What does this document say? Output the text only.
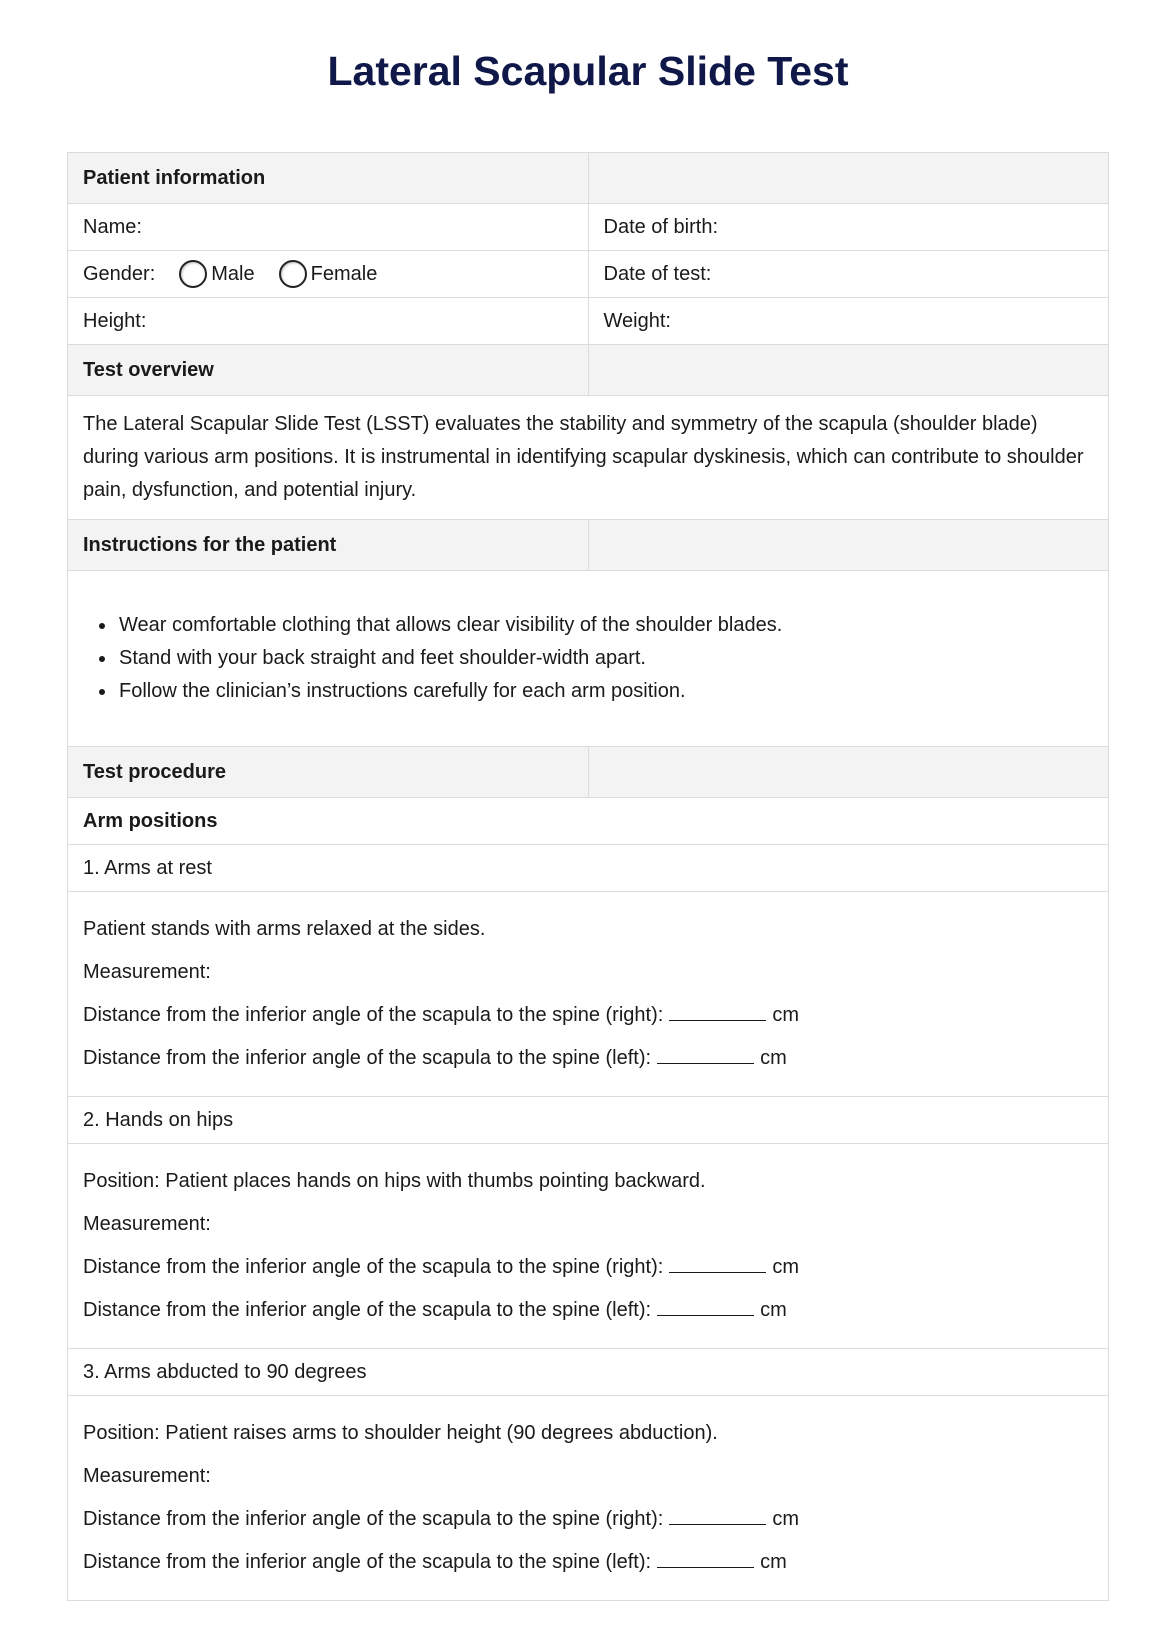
Lateral Scapular Slide Test
Patient information
Name:	Date of birth:
Gender:	Male	Female	Date of test:
Height:	Weight:
Test overview
The Lateral Scapular Slide Test (LSST) evaluates the stability and symmetry of the scapula (shoulder blade) during various arm positions. It is instrumental in identifying scapular dyskinesis, which can contribute to shoulder pain, dysfunction, and potential injury.
Instructions for the patient
• Wear comfortable clothing that allows clear visibility of the shoulder blades.
• Stand with your back straight and feet shoulder-width apart.
• Follow the clinician’s instructions carefully for each arm position.
Test procedure
Arm positions
1. Arms at rest

Patient stands with arms relaxed at the sides.

Measurement:

Distance from the inferior angle of the scapula to the spine (right):	cm

Distance from the inferior angle of the scapula to the spine (left):	cm

2. Hands on hips

Position: Patient places hands on hips with thumbs pointing backward.

Measurement:

Distance from the inferior angle of the scapula to the spine (right):	cm

Distance from the inferior angle of the scapula to the spine (left):	cm

3. Arms abducted to 90 degrees

Position: Patient raises arms to shoulder height (90 degrees abduction).

Measurement:

Distance from the inferior angle of the scapula to the spine (right):	cm

Distance from the inferior angle of the scapula to the spine (left):	cm
